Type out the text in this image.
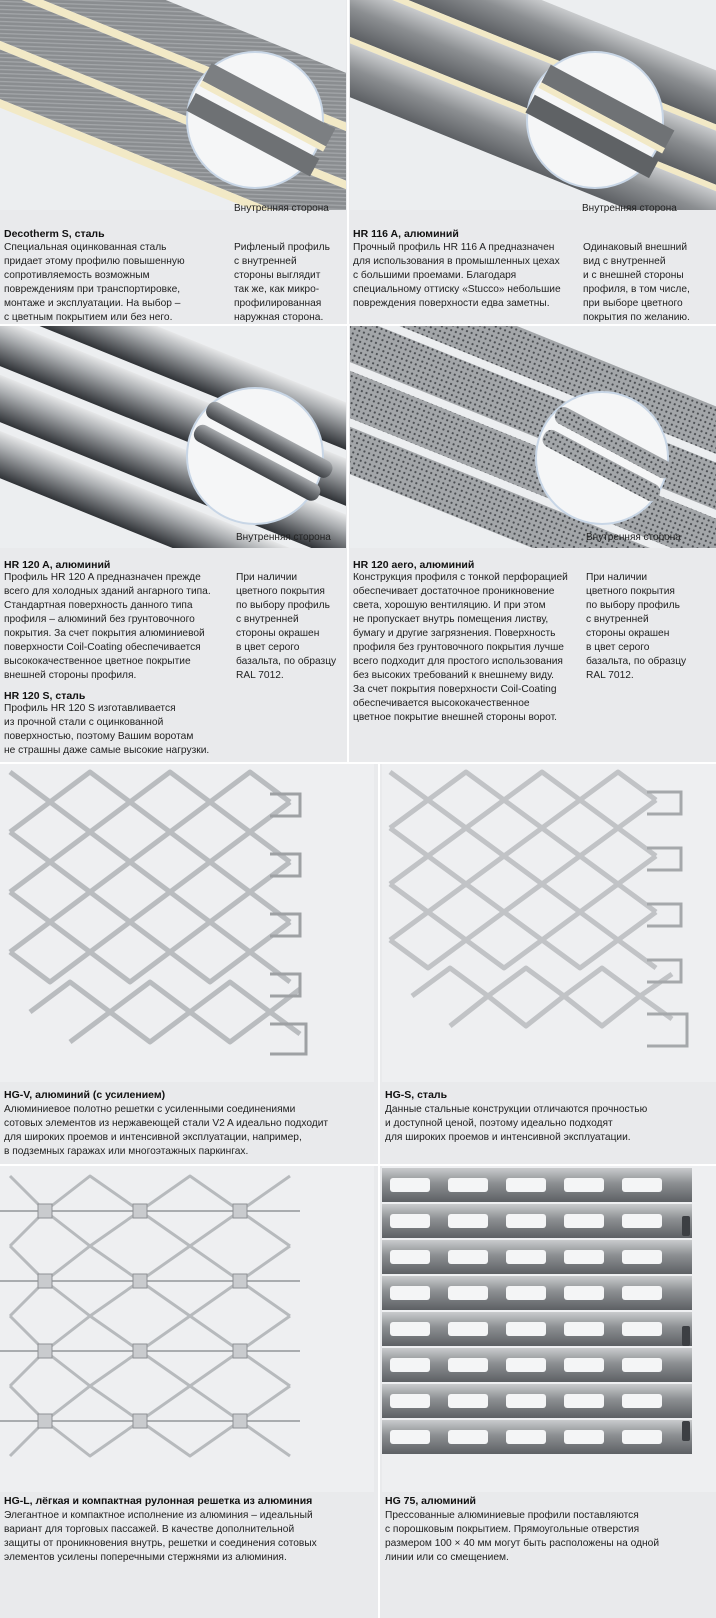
Внутренняя сторона
Decotherm S, сталь
Специальная оцинкованная сталь
придает этому профилю повышенную
сопротивляемость возможным
повреждениям при транспортировке,
монтаже и эксплуатации. На выбор –
с цветным покрытием или без него.
Рифленый профиль
с внутренней
стороны выглядит
так же, как микро-
профилированная
наружная сторона.
Внутренняя сторона
HR 116 A, алюминий
Прочный профиль HR 116 A предназначен
для использования в промышленных цехах
с большими проемами. Благодаря
специальному оттиску «Stucco» небольшие
повреждения поверхности едва заметны.
Одинаковый внешний
вид с внутренней
и с внешней стороны
профиля, в том числе,
при выборе цветного
покрытия по желанию.
Внутренняя сторона
HR 120 A, алюминий
Профиль HR 120 A предназначен прежде
всего для холодных зданий ангарного типа.
Стандартная поверхность данного типа
профиля – алюминий без грунтовочного
покрытия. За счет покрытия алюминиевой
поверхности Coil-Coating обеспечивается
высококачественное цветное покрытие
внешней стороны профиля.
При наличии
цветного покрытия
по выбору профиль
с внутренней
стороны окрашен
в цвет серого
базальта, по образцу
RAL 7012.
HR 120 S, сталь
Профиль HR 120 S изготавливается
из прочной стали с оцинкованной
поверхностью, поэтому Вашим воротам
не страшны даже самые высокие нагрузки.
Внутренняя сторона
HR 120 aero, алюминий
Конструкция профиля с тонкой перфорацией
обеспечивает достаточное проникновение
света, хорошую вентиляцию. И при этом
не пропускает внутрь помещения листву,
бумагу и другие загрязнения. Поверхность
профиля без грунтовочного покрытия лучше
всего подходит для простого использования
без высоких требований к внешнему виду.
За счет покрытия поверхности Coil-Coating
обеспечивается высококачественное
цветное покрытие внешней стороны ворот.
При наличии
цветного покрытия
по выбору профиль
с внутренней
стороны окрашен
в цвет серого
базальта, по образцу
RAL 7012.
HG-V, алюминий (с усилением)
Алюминиевое полотно решетки с усиленными соединениями
сотовых элементов из нержавеющей стали V2 A идеально подходит
для широких проемов и интенсивной эксплуатации, например,
в подземных гаражах или многоэтажных паркингах.
HG-S, сталь
Данные стальные конструкции отличаются прочностью
и доступной ценой, поэтому идеально подходят
для широких проемов и интенсивной эксплуатации.
HG-L, лёгкая и компактная рулонная решетка из алюминия
Элегантное и компактное исполнение из алюминия – идеальный
вариант для торговых пассажей. В качестве дополнительной
защиты от проникновения внутрь, решетки и соединения сотовых
элементов усилены поперечными стержнями из алюминия.
HG 75, алюминий
Прессованные алюминиевые профили поставляются
с порошковым покрытием. Прямоугольные отверстия
размером 100 × 40 мм могут быть расположены на одной
линии или со смещением.
